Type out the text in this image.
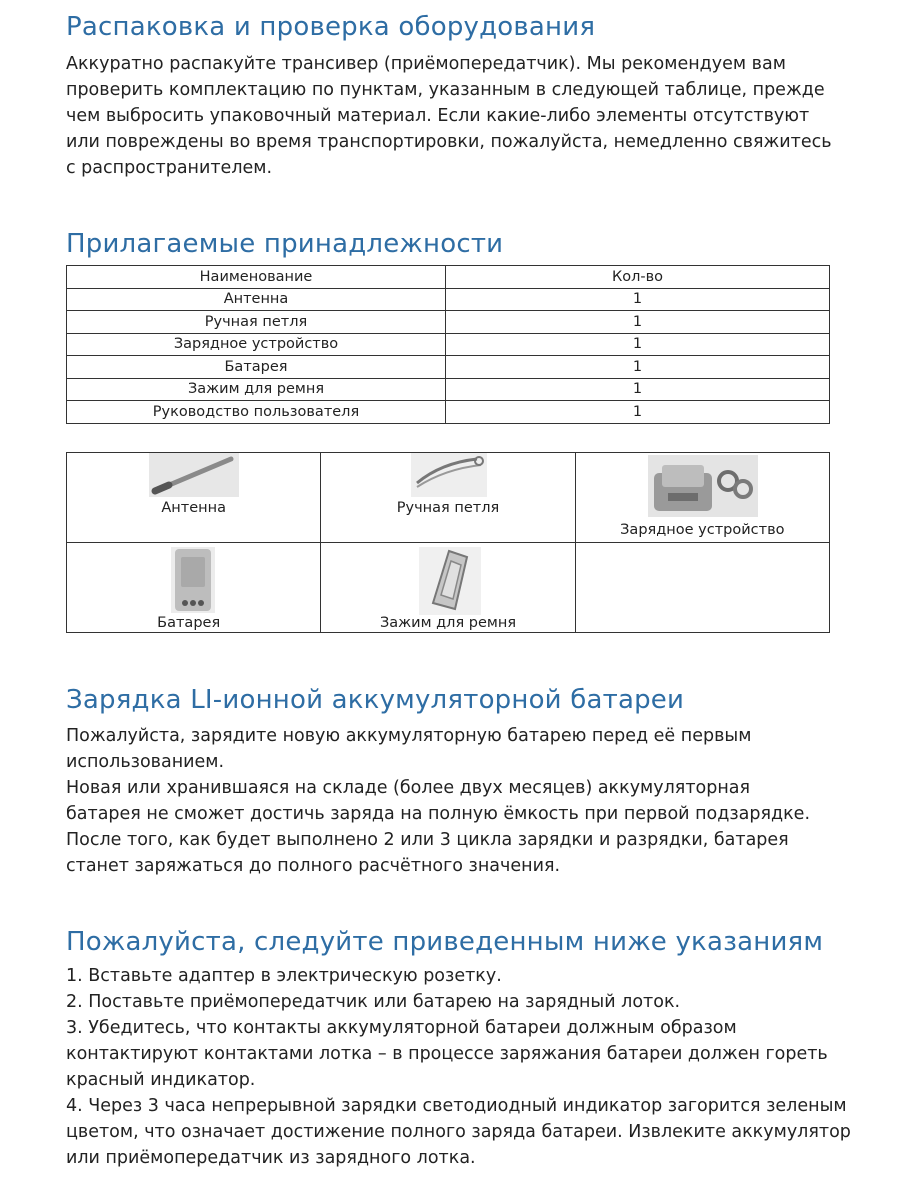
Распаковка и проверка оборудования

Аккуратно распакуйте трансивер (приёмопередатчик). Мы рекомендуем вам проверить комплектацию по пунктам, указанным в следующей таблице, прежде чем выбросить упаковочный материал. Если какие-либо элементы отсутствуют или повреждены во время транспортировки, пожалуйста, немедленно свяжитесь с распространителем.

Прилагаемые принадлежности
Наименование	Кол-во
Антенна	1
Ручная петля	1
Зарядное устройство	1
Батарея	1
Зажим для ремня	1
Руководство пользователя	1
Антенна	Ручная петля	Зарядное устройство

Батарея	Зажим для ремня	

Зарядка LI-ионной аккумуляторной батареи

Пожалуйста, зарядите новую аккумуляторную батарею перед её первым использованием.

Новая или хранившаяся на складе (более двух месяцев) аккумуляторная батарея не сможет достичь заряда на полную ёмкость при первой подзарядке. После того, как будет выполнено 2 или 3 цикла зарядки и разрядки, батарея станет заряжаться до полного расчётного значения.

Пожалуйста, следуйте приведенным ниже указаниям
1. Вставьте адаптер в электрическую розетку.
2. Поставьте приёмопередатчик или батарею на зарядный лоток.
3. Убедитесь, что контакты аккумуляторной батареи должным образом контактируют контактами лотка – в процессе заряжания батареи должен гореть красный индикатор.
4. Через 3 часа непрерывной зарядки светодиодный индикатор загорится зеленым цветом, что означает достижение полного заряда батареи. Извлеките аккумулятор или приёмопередатчик из зарядного лотка.
